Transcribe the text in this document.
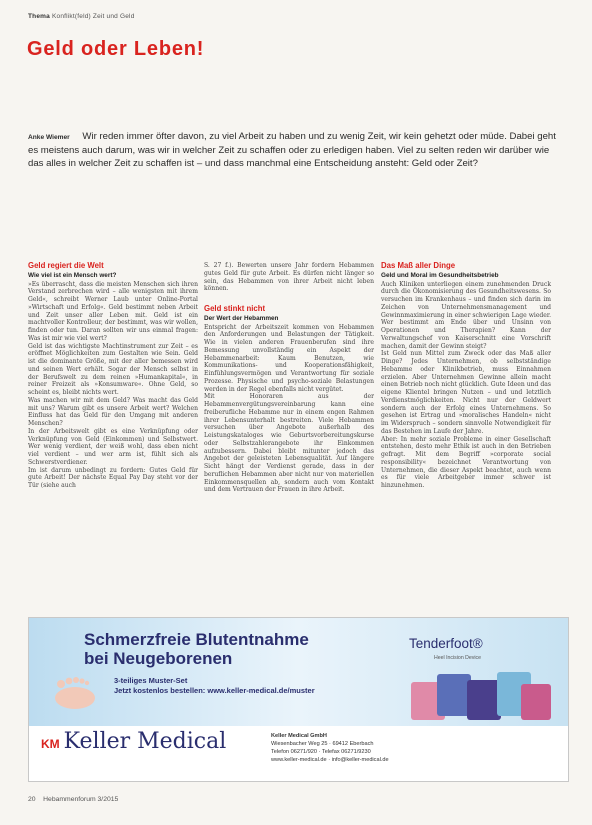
Thema Konflikt(feld) Zeit und Geld
Geld oder Leben!
Anke Wiemer Wir reden immer öfter davon, zu viel Arbeit zu haben und zu wenig Zeit, wir kein gehetzt oder müde. Dabei geht es meistens auch darum, was wir in welcher Zeit zu schaffen oder zu erledigen haben. Viel zu selten reden wir darüber wie das alles in welcher Zeit zu schaffen ist – und dass manchmal eine Entscheidung ansteht: Geld oder Zeit?
Geld regiert die Welt
Wie viel ist ein Mensch wert?

»Es überrascht, dass die meisten Menschen sich ihren Verstand zerbrechen wird – alle wenigsten mit ihrem Geld«, schreibt Werner Laub unter Online-Portal »Wirtschaft und Erfolg«. Geld bestimmt neben Arbeit und Zeit unser aller Leben mit. Geld ist ein machtvoller Kontrolleur, der bestimmt, was wir wollen, finden oder tun. Daran sollten wir uns einmal fragen: Was ist mir wie viel wert?

Geld ist das wichtigste Machtinstrument zur Zeit – es eröffnet Möglichkeiten zum Gestalten wie Sein. Geld ist die dominante Größe, mit der aller bemessen wird und seinen Wert erhält. Sogar der Mensch selbst in der Berufswelt zu dem reinen »Humankapital«, in reiner Freizeit als »Konsumware«. Ohne Geld, so scheint es, bleibt nichts wert.

Was machen wir mit dem Geld? Was macht das Geld mit uns? Warum gibt es unsere Arbeit wert? Welchen Einfluss hat das Geld für den Umgang mit anderen Menschen?

In der Arbeitswelt gibt es eine Verknüpfung oder Verknüpfung von Geld (Einkommen) und Selbstwert. Wer wenig verdient, der weiß wohl, dass eben nicht viel verdient – und wer arm ist, fühlt sich als Schwerstverdiener.

Im ist darum unbedingt zu fordern: Gutes Geld für gute Arbeit! Der nächste Equal Pay Day steht vor der Tür (siehe auch

S. 27 f.). Bewerten unsere Jahr fordern Hebammen gutes Geld für gute Arbeit. Es dürfen nicht länger so sein, das Hebammen von ihrer Arbeit nicht leben können.

Geld stinkt nicht
Der Wert der Hebammen

Entspricht der Arbeitszeit kommen von Hebammen den Anforderungen und Belastungen der Tätigkeit. Wie in vielen anderen Frauenberufen sind ihre Bemessung unvollständig ein Aspekt der Hebammenarbeit: Kaum Benutzen, wie Kommunikations- und Kooperationsfähigkeit, Einfühlungsvermögen und Verantwortung für soziale Prozesse. Physische und psycho-soziale Belastungen werden in der Regel ebenfalls nicht vergütet.

Mit Honoraren aus der Hebammenvergütungsvereinbarung kann eine freiberufliche Hebamme nur in einem engen Rahmen ihrer Lebensunterhalt bestreiten. Viele Hebammen versuchen über Angebote außerhalb des Leistungskataloges wie Geburtsvorbereitungskurse oder Selbstzahlerangebote ihr Einkommen aufzubessern. Dabei bleibt mitunter jedoch das Angebot der geleisteten Lebensqualität. Auf längere Sicht hängt der Verdienst gerade, dass in der beruflichen Hebammen aber nicht nur von materiellen Einkommensquellen ab, sondern auch vom Kontakt und dem Vertrauen der Frauen in ihre Arbeit.

Das Maß aller Dinge
Geld und Moral im Gesundheitsbetrieb

Auch Kliniken unterliegen einem zunehmenden Druck durch die Ökonomisierung des Gesundheitswesens. So versuchen im Krankenhaus – und finden sich darin im Zeichen von Unternehmensmanagement und Gewinnmaximierung in einer schwierigen Lage wieder. Wer bestimmt am Ende über und Unsinn von Operationen und Therapien? Kann der Verwaltungschef von Kaiserschnitt eine Vorschrift machen, damit der Gewinn steigt?

Ist Geld nun Mittel zum Zweck oder das Maß aller Dinge? Jedes Unternehmen, ob selbstständige Hebamme oder Klinikbetrieb, muss Einnahmen erzielen. Aber Unternehmen Gewinne allein macht einen Betrieb noch nicht glücklich. Gute Ideen und das eigene Klientel bringen Nutzen – und und letztlich Verdienstmöglichkeiten. Nicht nur der Geldwert sondern auch der Erfolg eines Unternehmens. So gesehen ist Ertrag und »moralisches Handeln« nicht im Widerspruch – sondern sinnvolle Notwendigkeit für das Bestehen im Laufe der Jahre.

Aber: In mehr soziale Probleme in einer Gesellschaft entstehen, desto mehr Ethik ist auch in den Betrieben gefragt. Mit dem Begriff »corporate social responsibility« bezeichnet Verantwortung von Unternehmen, die dieser Aspekt beachtet, auch wenn es für viele Arbeitgeber immer schwer ist hinzunehmen.

Schmerzfreie Blutentnahme
bei Neugeborenen
3-teiliges Muster-Set
Jetzt kostenlos bestellen: www.keller-medical.de/muster
Tenderfoot®
Heel Incision Device
KM Keller Medical	Keller Medical GmbH
Wiesenbacher Weg 25 · 69412 Eberbach
Telefon 06271/920 · Telefax 06271/9230
www.keller-medical.de · info@keller-medical.de
20 Hebammenforum 3/2015
